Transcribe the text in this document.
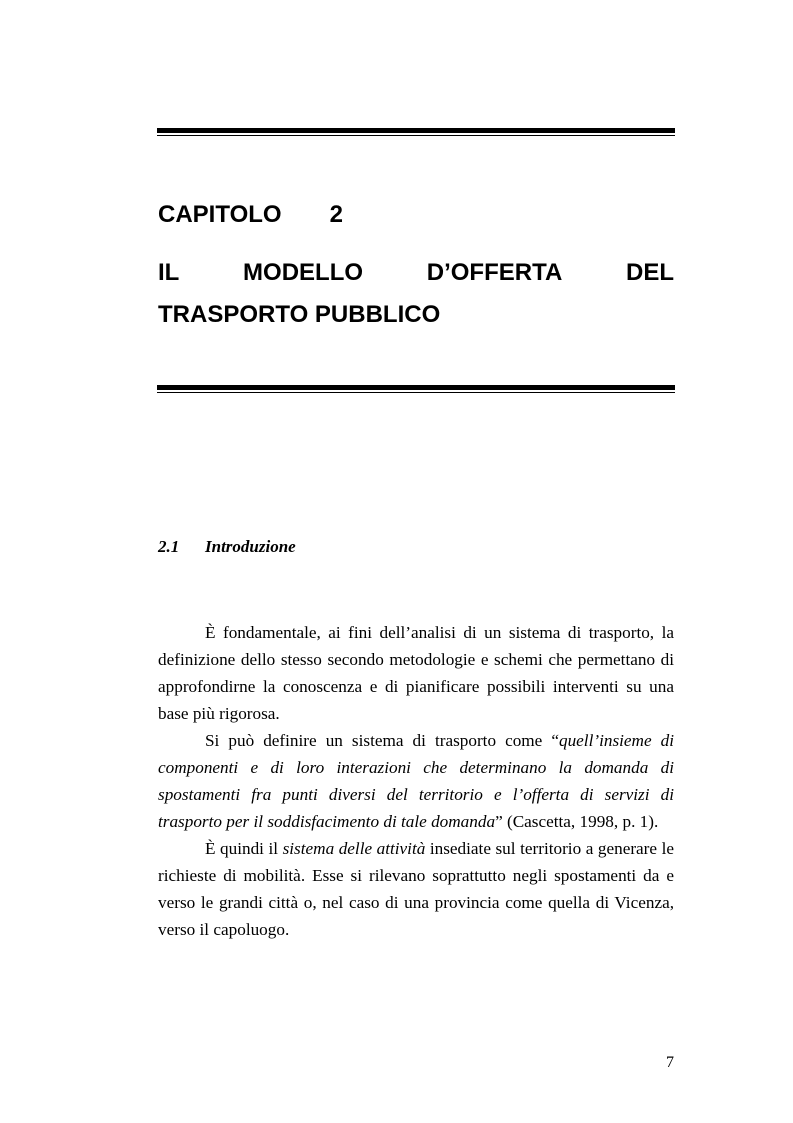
CAPITOLO 2
IL	MODELLO	D’OFFERTA	DEL
TRASPORTO PUBBLICO
2.1 Introduzione

È fondamentale, ai fini dell’analisi di un sistema di trasporto, la definizione dello stesso secondo metodologie e schemi che permettano di approfondirne la conoscenza e di pianificare possibili interventi su una base più rigorosa.

Si può definire un sistema di trasporto come “quell’insieme di componenti e di loro interazioni che determinano la domanda di spostamenti fra punti diversi del territorio e l’offerta di servizi di trasporto per il soddisfacimento di tale domanda” (Cascetta, 1998, p. 1).

È quindi il sistema delle attività insediate sul territorio a generare le richieste di mobilità. Esse si rilevano soprattutto negli spostamenti da e verso le grandi città o, nel caso di una provincia come quella di Vicenza, verso il capoluogo.

7
